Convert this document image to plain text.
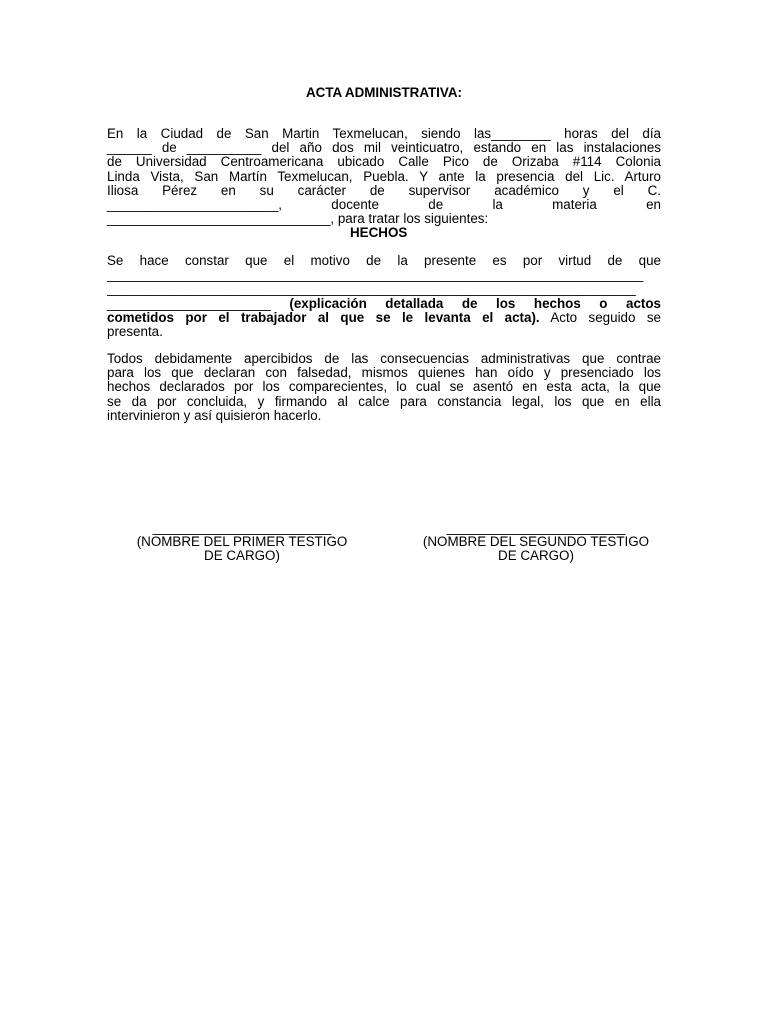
ACTA ADMINISTRATIVA:
En la Ciudad de San Martin Texmelucan, siendo las________ horas del día
______ de __________ del año dos mil veinticuatro, estando en las instalaciones
de Universidad Centroamericana ubicado Calle Pico de Orizaba #114 Colonia
Linda Vista, San Martín Texmelucan, Puebla. Y ante la presencia del Lic. Arturo
Iliosa Pérez en su carácter de supervisor académico y el C.
_______________________, docente de la materia en
______________________________, para tratar los siguientes:
HECHOS
Se hace constar que el motivo de la presente es por virtud de que
________________________________________________________________________
_______________________________________________________________________
______________________ (explicación detallada de los hechos o actos
cometidos por el trabajador al que se le levanta el acta). Acto seguido se
presenta.
Todos debidamente apercibidos de las consecuencias administrativas que contrae
para los que declaran con falsedad, mismos quienes han oído y presenciado los
hechos declarados por los comparecientes, lo cual se asentó en esta acta, la que
se da por concluida, y firmando al calce para constancia legal, los que en ella
intervinieron y así quisieron hacerlo.
________________________
(NOMBRE DEL PRIMER TESTIGO
DE CARGO)
________________________
(NOMBRE DEL SEGUNDO TESTIGO
DE CARGO)
